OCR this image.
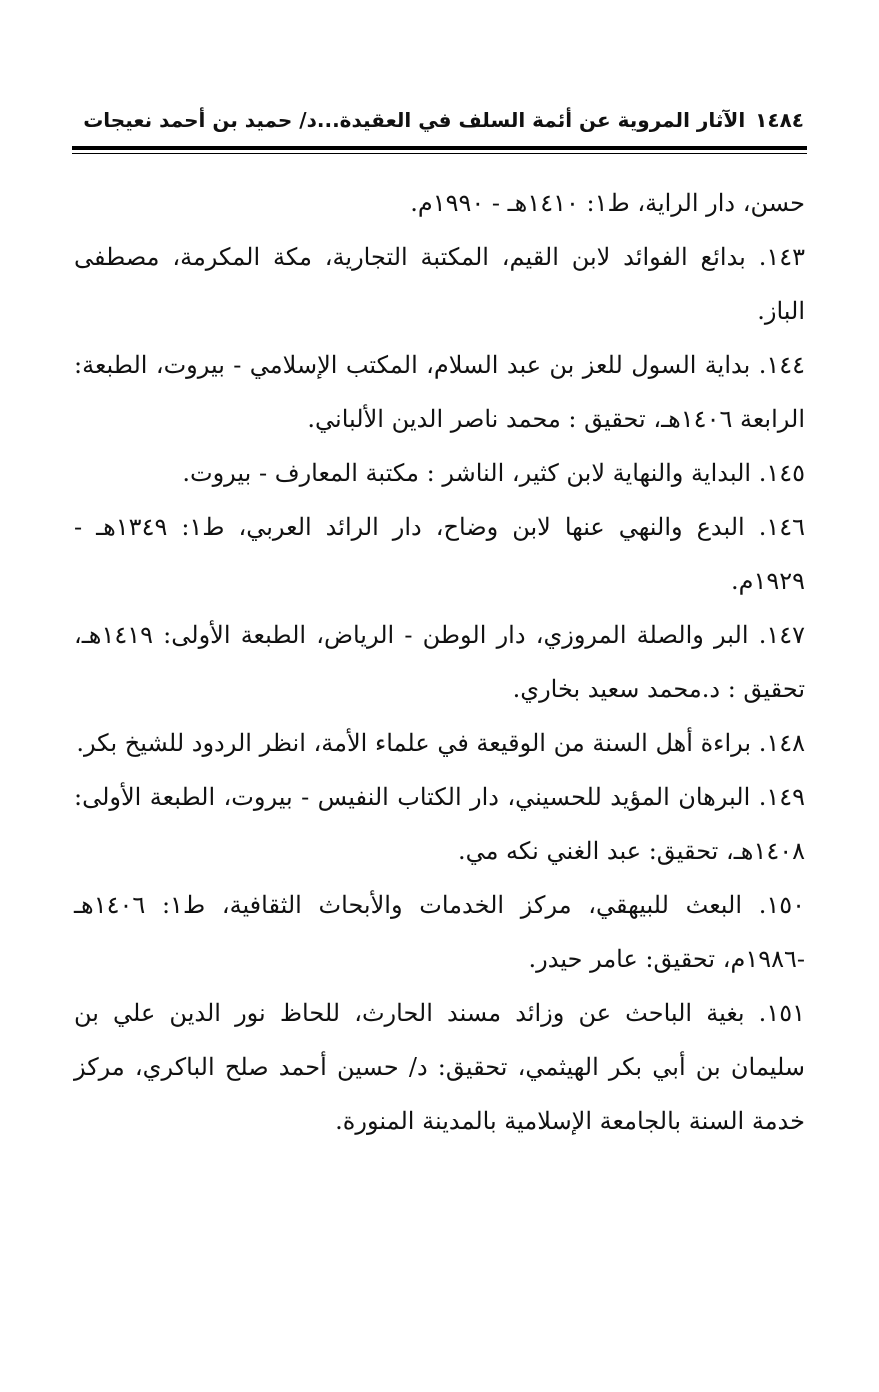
١٤٨٤
الآثار المروية عن أئمة السلف في العقيدة...د/ حميد بن أحمد نعيجات

حسن، دار الراية، ط١: ١٤١٠هـ - ١٩٩٠م.

١٤٣. بدائع الفوائد لابن القيم، المكتبة التجارية، مكة المكرمة، مصطفى الباز.

١٤٤. بداية السول للعز بن عبد السلام، المكتب الإسلامي - بيروت، الطبعة: الرابعة ١٤٠٦هـ، تحقيق : محمد ناصر الدين الألباني.

١٤٥. البداية والنهاية لابن كثير، الناشر : مكتبة المعارف - بيروت.

١٤٦. البدع والنهي عنها لابن وضاح، دار الرائد العربي، ط١: ١٣٤٩هـ - ١٩٢٩م.

١٤٧. البر والصلة المروزي، دار الوطن - الرياض، الطبعة الأولى: ١٤١٩هـ، تحقيق : د.محمد سعيد بخاري.

١٤٨. براءة أهل السنة من الوقيعة في علماء الأمة، انظر الردود للشيخ بكر.

١٤٩. البرهان المؤيد للحسيني، دار الكتاب النفيس - بيروت، الطبعة الأولى: ١٤٠٨هـ، تحقيق: عبد الغني نكه مي.

١٥٠. البعث للبيهقي، مركز الخدمات والأبحاث الثقافية، ط١: ١٤٠٦هـ -١٩٨٦م، تحقيق: عامر حيدر.

١٥١. بغية الباحث عن وزائد مسند الحارث، للحاظ نور الدين علي بن سليمان بن أبي بكر الهيثمي، تحقيق: د/ حسين أحمد صلح الباكري، مركز خدمة السنة بالجامعة الإسلامية بالمدينة المنورة.
